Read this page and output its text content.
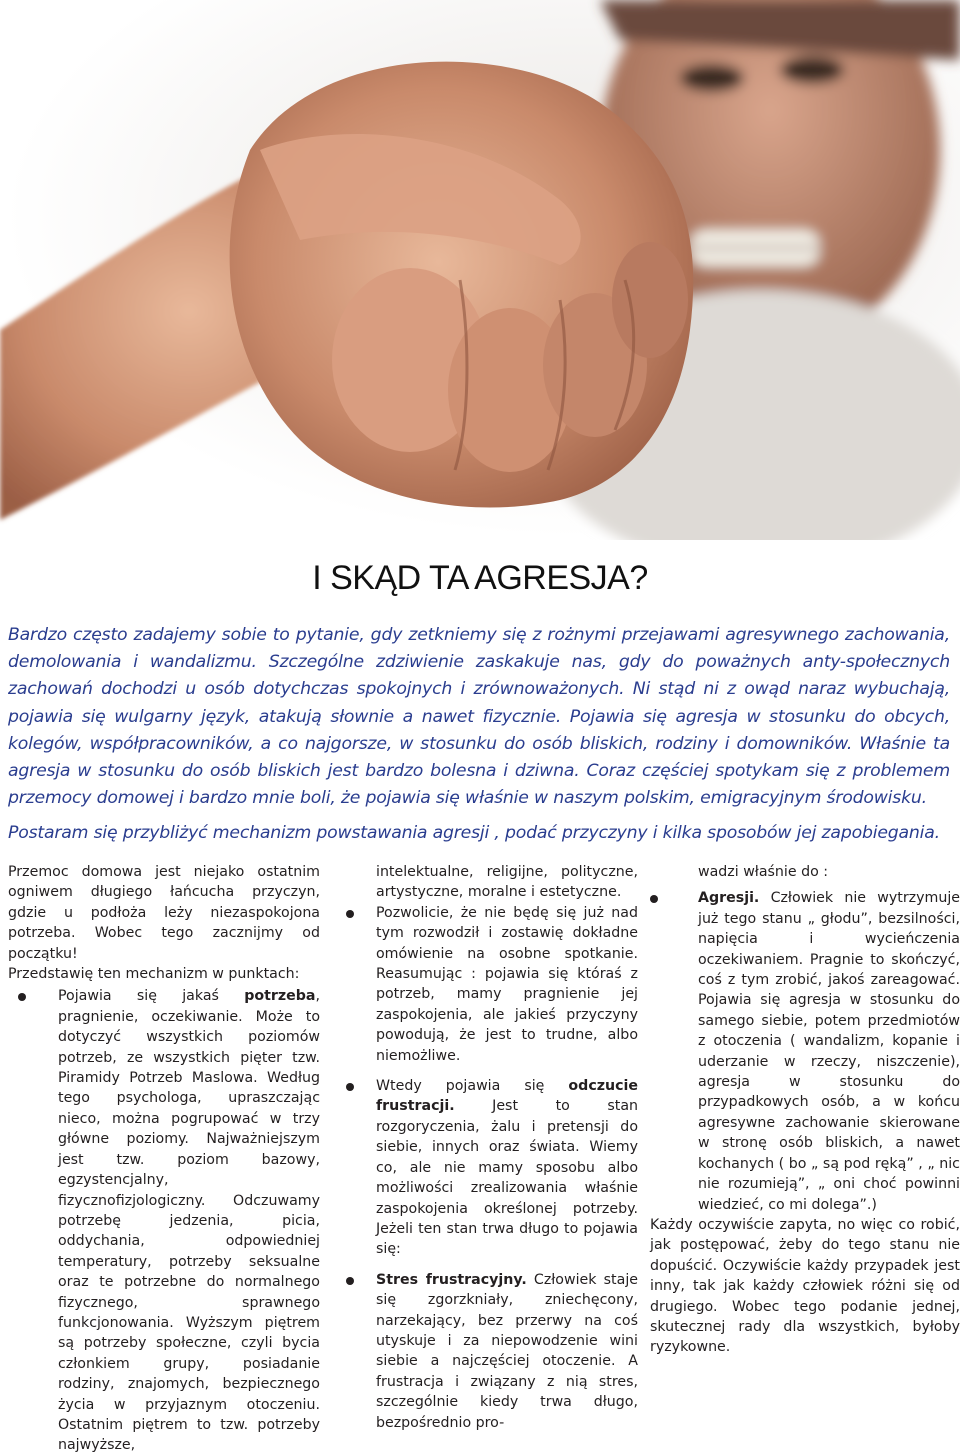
I SKĄD TA AGRESJA?

Bardzo często zadajemy sobie to pytanie, gdy zetkniemy się z rożnymi przejawami agresywnego zachowania, demolowania i wandalizmu. Szczególne zdziwienie zaskakuje nas, gdy do poważnych anty-społecznych zachowań dochodzi u osób dotychczas spokojnych i zrównoważonych. Ni stąd ni z owąd naraz wybuchają, pojawia się wulgarny język, atakują słownie a nawet fizycznie. Pojawia się agresja w stosunku do obcych, kolegów, współpracowników, a co najgorsze, w stosunku do osób bliskich, rodziny i domowników. Właśnie ta agresja w stosunku do osób bliskich jest bardzo bolesna i dziwna. Coraz częściej spotykam się z problemem przemocy domowej i bardzo mnie boli, że pojawia się właśnie w naszym polskim, emigracyjnym środowisku.

Postaram się przybliżyć mechanizm powstawania agresji , podać przyczyny i kilka sposobów jej zapobiegania.

Przemoc domowa jest niejako ostatnim ogniwem długiego łańcucha przyczyn, gdzie u podłoża leży niezaspokojona potrzeba. Wobec tego zacznijmy od początku!

Przedstawię ten mechanizm w punktach:

Pojawia się jakaś potrzeba, pragnienie, oczekiwanie. Może to dotyczyć wszystkich poziomów potrzeb, ze wszystkich pięter tzw. Piramidy Potrzeb Maslowa. Według tego psychologa, upraszczając nieco, można pogrupować w trzy główne poziomy. Najważniejszym jest tzw. poziom bazowy, egzystencjalny, fizycznofizjologiczny. Odczuwamy potrzebę jedzenia, picia, oddychania, odpowiedniej temperatury, potrzeby seksualne oraz te potrzebne do normalnego fizycznego, sprawnego funkcjonowania. Wyższym piętrem są potrzeby społeczne, czyli bycia członkiem grupy, posiadanie rodziny, znajomych, bezpiecznego życia w przyjaznym otoczeniu. Ostatnim piętrem to tzw. potrzeby najwyższe,

intelektualne, religijne, polityczne, artystyczne, moralne i estetyczne.

Pozwolicie, że nie będę się już nad tym rozwodził i zostawię dokładne omówienie na osobne spotkanie. Reasumując : pojawia się któraś z potrzeb, mamy pragnienie jej zaspokojenia, ale jakieś przyczyny powodują, że jest to trudne, albo niemożliwe.
Wtedy pojawia się odczucie frustracji. Jest to stan rozgoryczenia, żalu i pretensji do siebie, innych oraz świata. Wiemy co, ale nie mamy sposobu albo możliwości zrealizowania właśnie zaspokojenia określonej potrzeby. Jeżeli ten stan trwa długo to pojawia się:
Stres frustracyjny. Człowiek staje się zgorzkniały, zniechęcony, narzekający, bez przerwy na coś utyskuje i za niepowodzenie wini siebie a najczęściej otoczenie. A frustracja i związany z nią stres, szczególnie kiedy trwa długo, bezpośrednio pro-

wadzi właśnie do :

Agresji. Człowiek nie wytrzymuje już tego stanu „ głodu”, bezsilności, napięcia i wycieńczenia oczekiwaniem. Pragnie to skończyć, coś z tym zrobić, jakoś zareagować. Pojawia się agresja w stosunku do samego siebie, potem przedmiotów z otoczenia ( wandalizm, kopanie i uderzanie w rzeczy, niszczenie), agresja w stosunku do przypadkowych osób, a w końcu agresywne zachowanie skierowane w stronę osób bliskich, a nawet kochanych ( bo „ są pod ręką” , „ nic nie rozumieją”, „ oni choć powinni wiedzieć, co mi dolega”.)

Każdy oczywiście zapyta, no więc co robić, jak postępować, żeby do tego stanu nie dopuścić. Oczywiście każdy przypadek jest inny, tak jak każdy człowiek różni się od drugiego. Wobec tego podanie jednej, skutecznej rady dla wszystkich, byłoby ryzykowne.
